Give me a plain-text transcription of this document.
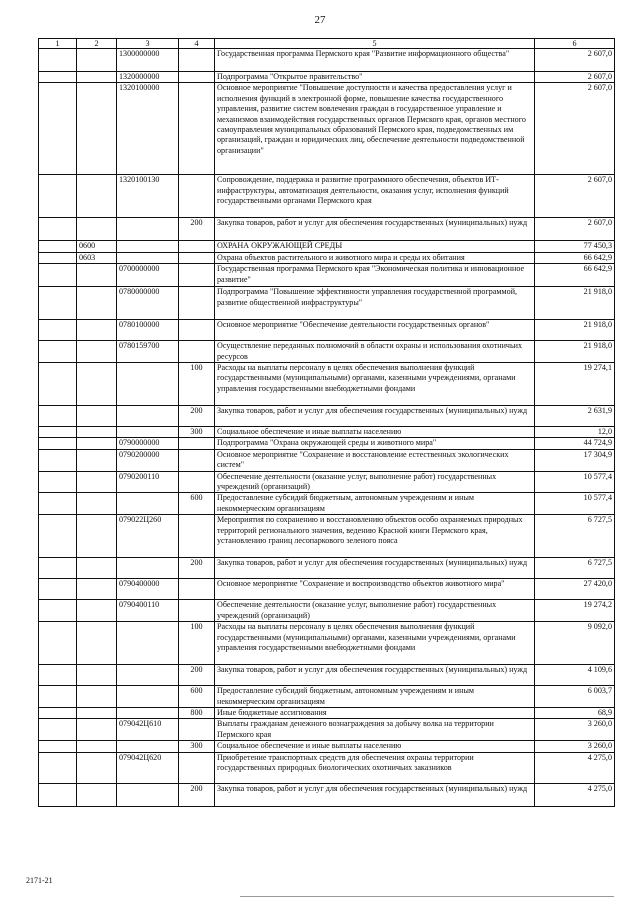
27
1	2	3	4	5	6
		1300000000		Государственная программа Пермского края "Развитие информационного общества"	2 607,0
		1320000000		Подпрограмма "Открытое правительство"	2 607,0
		1320100000		Основное мероприятие "Повышение доступности и качества предоставления услуг и исполнения функций в электронной форме, повышение качества государственного управления, развитие систем вовлечения граждан в государственное управление и механизмов взаимодействия государственных органов Пермского края, органов местного самоуправления муниципальных образований Пермского края, подведомственных им организаций, граждан и юридических лиц, обеспечение деятельности подведомственной организации"	2 607,0
		1320100130		Сопровождение, поддержка и развитие программного обеспечения, объектов ИТ-инфраструктуры, автоматизация деятельности, оказания услуг, исполнения функций государственными органами Пермского края	2 607,0
			200	Закупка товаров, работ и услуг для обеспечения государственных (муниципальных) нужд	2 607,0
	0600			ОХРАНА ОКРУЖАЮЩЕЙ СРЕДЫ	77 450,3
	0603			Охрана объектов растительного и животного мира и среды их обитания	66 642,9
		0700000000		Государственная программа Пермского края "Экономическая политика и инновационное развитие"	66 642,9
		0780000000		Подпрограмма "Повышение эффективности управления государственной программой, развитие общественной инфраструктуры"	21 918,0
		0780100000		Основное мероприятие "Обеспечение деятельности государственных органов"	21 918,0
		0780159700		Осуществление переданных полномочий в области охраны и использования охотничьих ресурсов	21 918,0
			100	Расходы на выплаты персоналу в целях обеспечения выполнения функций государственными (муниципальными) органами, казенными учреждениями, органами управления государственными внебюджетными фондами	19 274,1
			200	Закупка товаров, работ и услуг для обеспечения государственных (муниципальных) нужд	2 631,9
			300	Социальное обеспечение и иные выплаты населению	12,0
		0790000000		Подпрограмма "Охрана окружающей среды и животного мира"	44 724,9
		0790200000		Основное мероприятие "Сохранение и восстановление естественных экологических систем"	17 304,9
		0790200110		Обеспечение деятельности (оказание услуг, выполнение работ) государственных учреждений (организаций)	10 577,4
			600	Предоставление субсидий бюджетным, автономным учреждениям и иным некоммерческим организациям	10 577,4
		079022Ц260		Мероприятия по сохранению и восстановлению объектов особо охраняемых природных территорий регионального значения, ведению Красной книги Пермского края, установлению границ лесопаркового зеленого пояса	6 727,5
			200	Закупка товаров, работ и услуг для обеспечения государственных (муниципальных) нужд	6 727,5
		0790400000		Основное мероприятие "Сохранение и воспроизводство объектов животного мира"	27 420,0
		0790400110		Обеспечение деятельности (оказание услуг, выполнение работ) государственных учреждений (организаций)	19 274,2
			100	Расходы на выплаты персоналу в целях обеспечения выполнения функций государственными (муниципальными) органами, казенными учреждениями, органами управления государственными внебюджетными фондами	9 092,0
			200	Закупка товаров, работ и услуг для обеспечения государственных (муниципальных) нужд	4 109,6
			600	Предоставление субсидий бюджетным, автономным учреждениям и иным некоммерческим организациям	6 003,7
			800	Иные бюджетные ассигнования	68,9
		079042Ц610		Выплаты гражданам денежного вознаграждения за добычу волка на территории Пермского края	3 260,0
			300	Социальное обеспечение и иные выплаты населению	3 260,0
		079042Ц620		Приобретение транспортных средств для обеспечения охраны территории государственных природных биологических охотничьих заказников	4 275,0
			200	Закупка товаров, работ и услуг для обеспечения государственных (муниципальных) нужд	4 275,0
2171-21
